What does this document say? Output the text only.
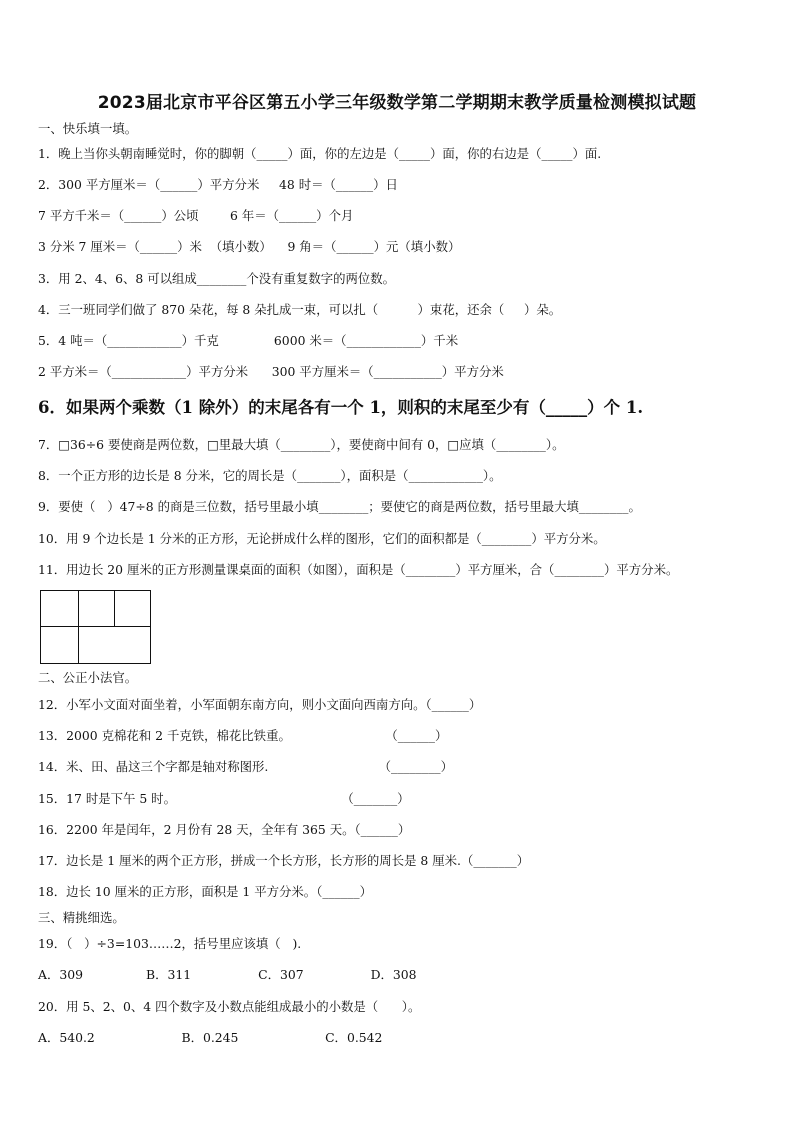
2023届北京市平谷区第五小学三年级数学第二学期期末教学质量检测模拟试题
一、快乐填一填。
1．晚上当你头朝南睡觉时，你的脚朝（_____）面，你的左边是（_____）面，你的右边是（_____）面.
2．300 平方厘米＝（______）平方分米     48 时＝（______）日
7 平方千米＝（______）公顷        6 年＝（______）个月
3 分米 7 厘米＝（______）米  （填小数）    9 角＝（______）元（填小数）
3．用 2、4、6、8 可以组成________个没有重复数字的两位数。
4．三一班同学们做了 870 朵花，每 8 朵扎成一束，可以扎（          ）束花，还余（     ）朵。
5．4 吨＝（____________）千克              6000 米＝（____________）千米
2 平方米＝（____________）平方分米      300 平方厘米＝（___________）平方分米
6．如果两个乘数（1 除外）的末尾各有一个 1，则积的末尾至少有（_____）个 1.
7．□36÷6 要使商是两位数，□里最大填（________），要使商中间有 0，□应填（________）。
8．一个正方形的边长是 8 分米，它的周长是（_______），面积是（____________）。
9．要使（   ）47÷8 的商是三位数，括号里最小填________；要使它的商是两位数，括号里最大填________。
10．用 9 个边长是 1 分米的正方形，无论拼成什么样的图形，它们的面积都是（________）平方分米。
11．用边长 20 厘米的正方形测量课桌面的面积（如图），面积是（________）平方厘米，合（________）平方分米。
二、公正小法官。
12．小军小文面对面坐着，小军面朝东南方向，则小文面向西南方向。（______）
13．2000 克棉花和 2 千克铁，棉花比铁重。                        （______）
14．米、田、晶这三个字都是轴对称图形.                            （________）
15．17 时是下午 5 时。                                          （_______）
16．2200 年是闰年，2 月份有 28 天，全年有 365 天。（______）
17．边长是 1 厘米的两个正方形，拼成一个长方形，长方形的周长是 8 厘米.（_______）
18．边长 10 厘米的正方形，面积是 1 平方分米。（______）
三、精挑细选。
19．（   ）÷3=103……2，括号里应该填（   ).
A．309                B．311                 C．307                 D．308
20．用 5、2、0、4 四个数字及小数点能组成最小的小数是（      ）。
A．540.2                      B．0.245                      C．0.542
